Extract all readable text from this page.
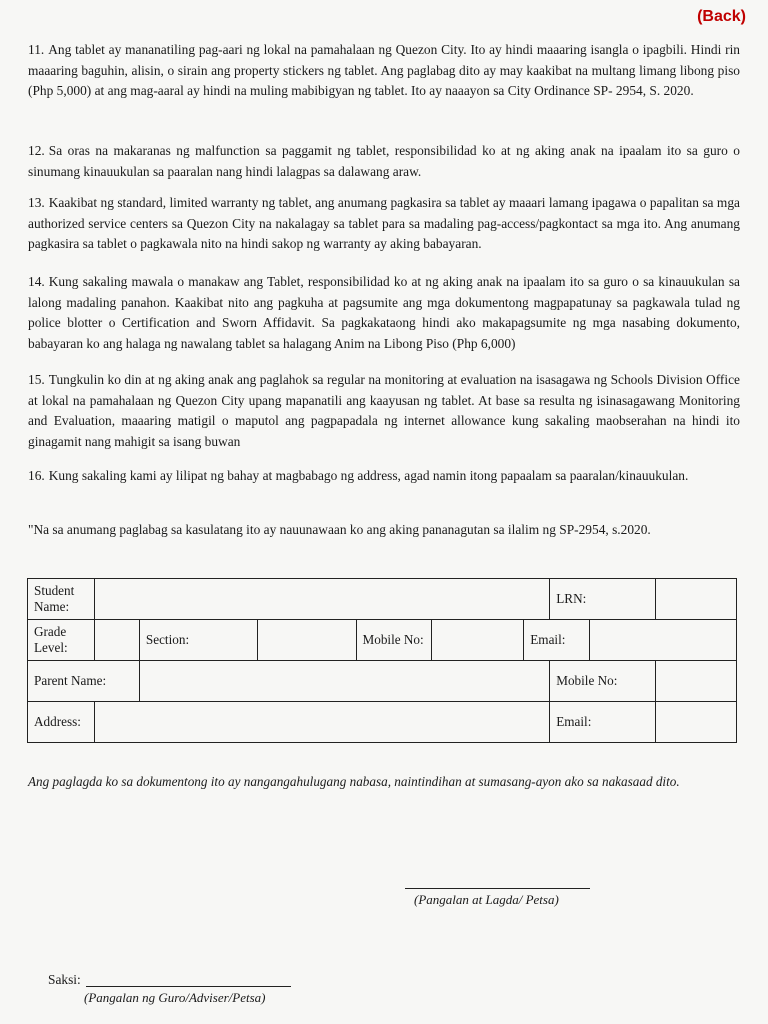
(Back)

11. Ang tablet ay mananatiling pag-aari ng lokal na pamahalaan ng Quezon City. Ito ay hindi maaaring isangla o ipagbili. Hindi rin maaaring baguhin, alisin, o sirain ang property stickers ng tablet. Ang paglabag dito ay may kaakibat na multang limang libong piso (Php 5,000) at ang mag-aaral ay hindi na muling mabibigyan ng tablet. Ito ay naaayon sa City Ordinance SP- 2954, S. 2020.
12. Sa oras na makaranas ng malfunction sa paggamit ng tablet, responsibilidad ko at ng aking anak na ipaalam ito sa guro o sinumang kinauukulan sa paaralan nang hindi lalagpas sa dalawang araw.
13. Kaakibat ng standard, limited warranty ng tablet, ang anumang pagkasira sa tablet ay maaari lamang ipagawa o papalitan sa mga authorized service centers sa Quezon City na nakalagay sa tablet para sa madaling pag-access/pagkontact sa mga ito. Ang anumang pagkasira sa tablet o pagkawala nito na hindi sakop ng warranty ay aking babayaran.
14. Kung sakaling mawala o manakaw ang Tablet, responsibilidad ko at ng aking anak na ipaalam ito sa guro o sa kinauukulan sa lalong madaling panahon. Kaakibat nito ang pagkuha at pagsumite ang mga dokumentong magpapatunay sa pagkawala tulad ng police blotter o Certification and Sworn Affidavit. Sa pagkakataong hindi ako makapagsumite ng mga nasabing dokumento, babayaran ko ang halaga ng nawalang tablet sa halagang Anim na Libong Piso (Php 6,000)
15. Tungkulin ko din at ng aking anak ang paglahok sa regular na monitoring at evaluation na isasagawa ng Schools Division Office at lokal na pamahalaan ng Quezon City upang mapanatili ang kaayusan ng tablet. At base sa resulta ng isinasagawang Monitoring and Evaluation, maaaring matigil o maputol ang pagpapadala ng internet allowance kung sakaling maobserahan na hindi ito ginagamit nang mahigit sa isang buwan
16. Kung sakaling kami ay lilipat ng bahay at magbabago ng address, agad namin itong papaalam sa paaralan/kinauukulan.
"Na sa anumang paglabag sa kasulatang ito ay nauunawaan ko ang aking pananagutan sa ilalim ng SP-2954, s.2020.
Student Name:							LRN:		
Grade Level:		Section:		Mobile No:		Email:			
Parent Name:							Mobile No:		
Address:							Email:		
Ang paglagda ko sa dokumentong ito ay nangangahulugang nabasa, naintindihan at sumasang-ayon ako sa nakasaad dito.
(Pangalan at Lagda/ Petsa)
Saksi:
(Pangalan ng Guro/Adviser/Petsa)
